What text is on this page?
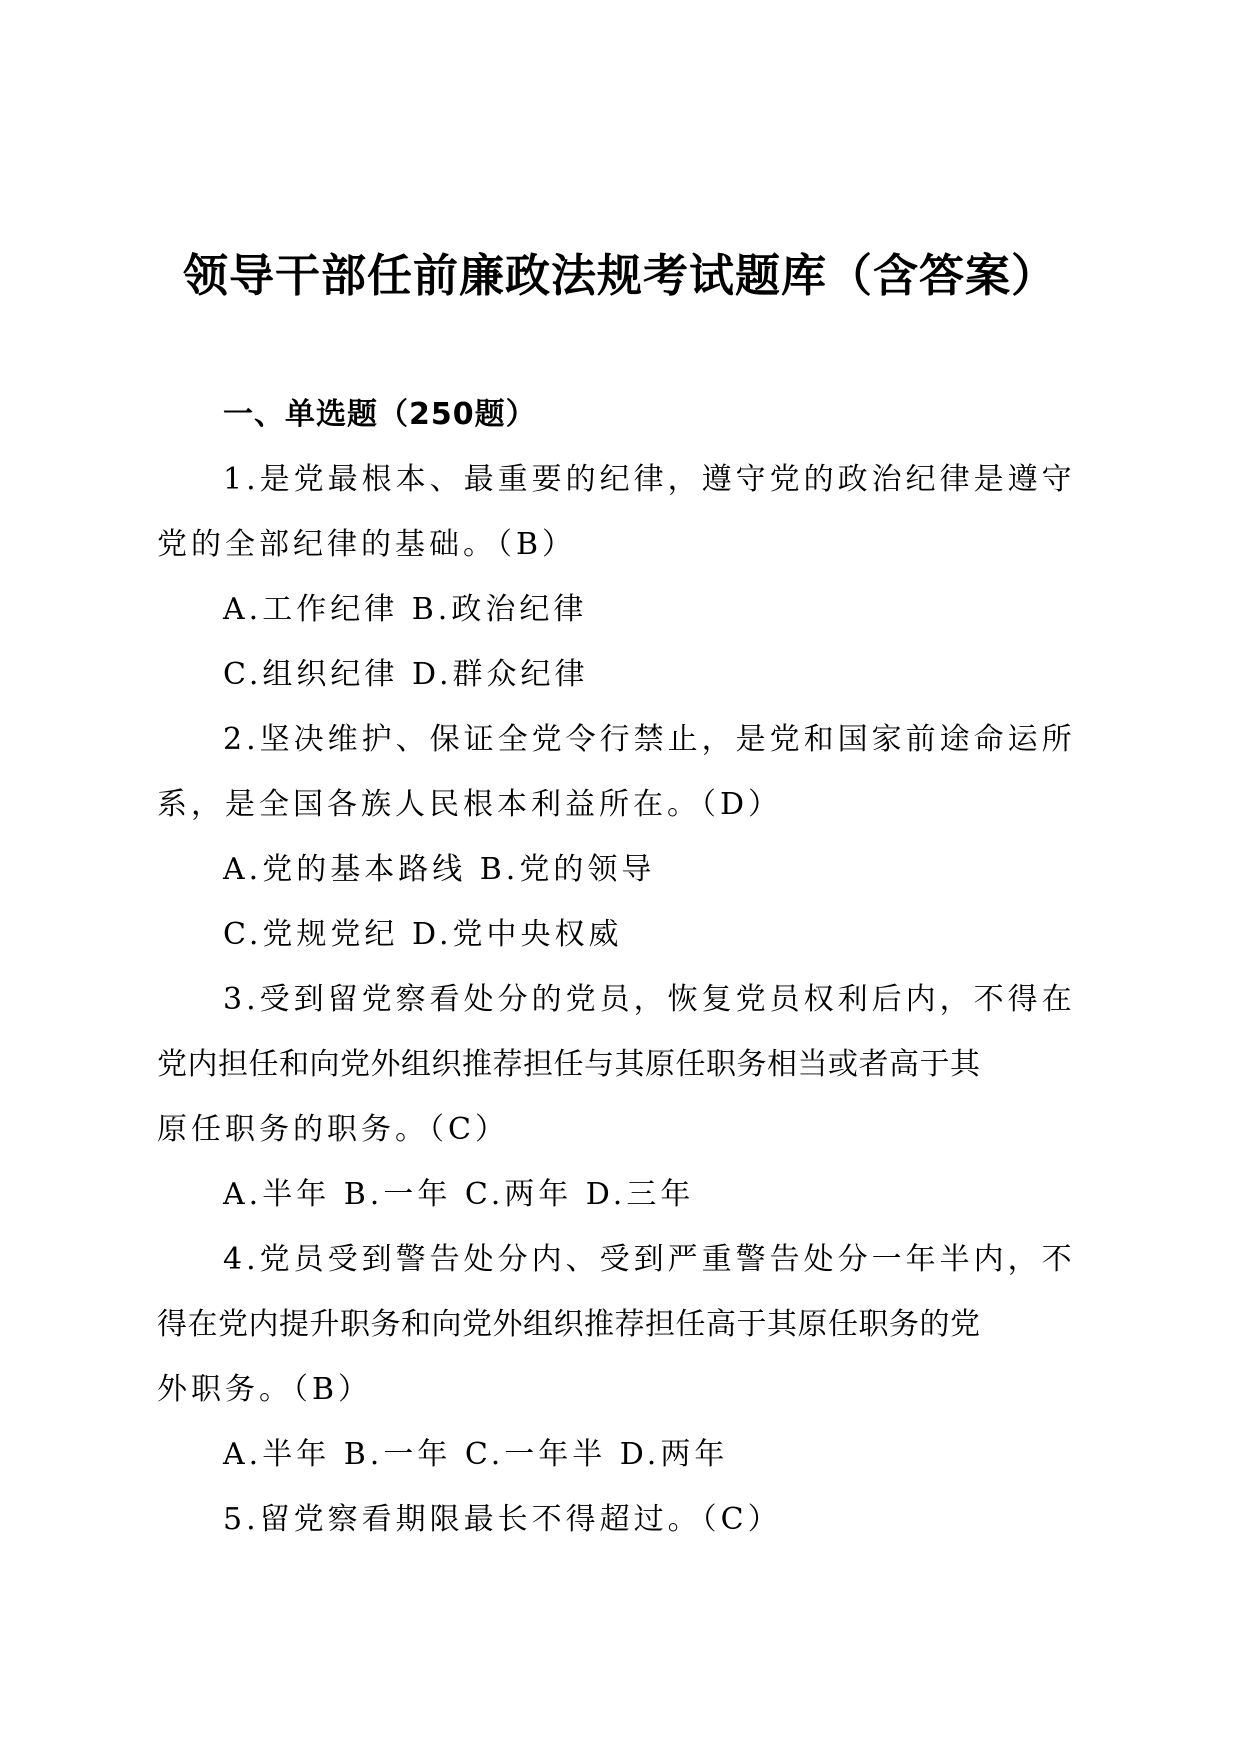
领导干部任前廉政法规考试题库（含答案）

一、单选题（250题）

1.是党最根本、最重要的纪律，遵守党的政治纪律是遵守

党的全部纪律的基础。（B）

A.工作纪律 B.政治纪律

C.组织纪律 D.群众纪律

2.坚决维护、保证全党令行禁止，是党和国家前途命运所

系，是全国各族人民根本利益所在。（D）

A.党的基本路线 B.党的领导

C.党规党纪 D.党中央权威

3.受到留党察看处分的党员，恢复党员权利后内，不得在

党内担任和向党外组织推荐担任与其原任职务相当或者高于其

原任职务的职务。（C）

A.半年 B.一年 C.两年 D.三年

4.党员受到警告处分内、受到严重警告处分一年半内，不

得在党内提升职务和向党外组织推荐担任高于其原任职务的党

外职务。（B）

A.半年 B.一年 C.一年半 D.两年

5.留党察看期限最长不得超过。（C）
